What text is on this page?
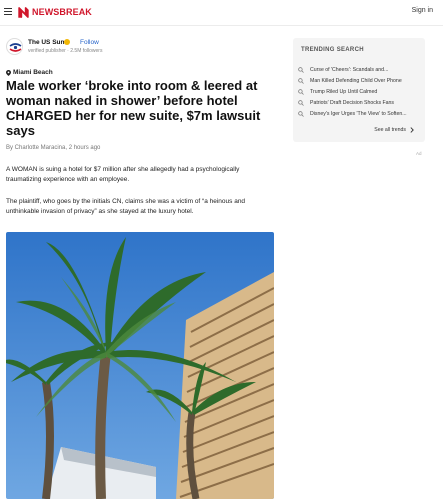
NEWSBREAK	Sign in
The US Sun Follow
verified publisher · 2.5M followers
Miami Beach
Male worker ‘broke into room & leered at woman naked in shower’ before hotel CHARGED her for new suite, $7m lawsuit says
By Charlotte Maracina, 2 hours ago

A WOMAN is suing a hotel for $7 million after she allegedly had a psychologically traumatizing experience with an employee.

The plaintiff, who goes by the initials CN, claims she was a victim of “a heinous and unthinkable invasion of privacy” as she stayed at the luxury hotel.

TRENDING SEARCH
Curse of 'Cheers': Scandals and...
Man Killed Defending Child Over Phone
Trump Riled Up Until Calmed
Patriots' Draft Decision Shocks Fans
Disney's Iger Urges 'The View' to Soften...
See all trends
Ad
